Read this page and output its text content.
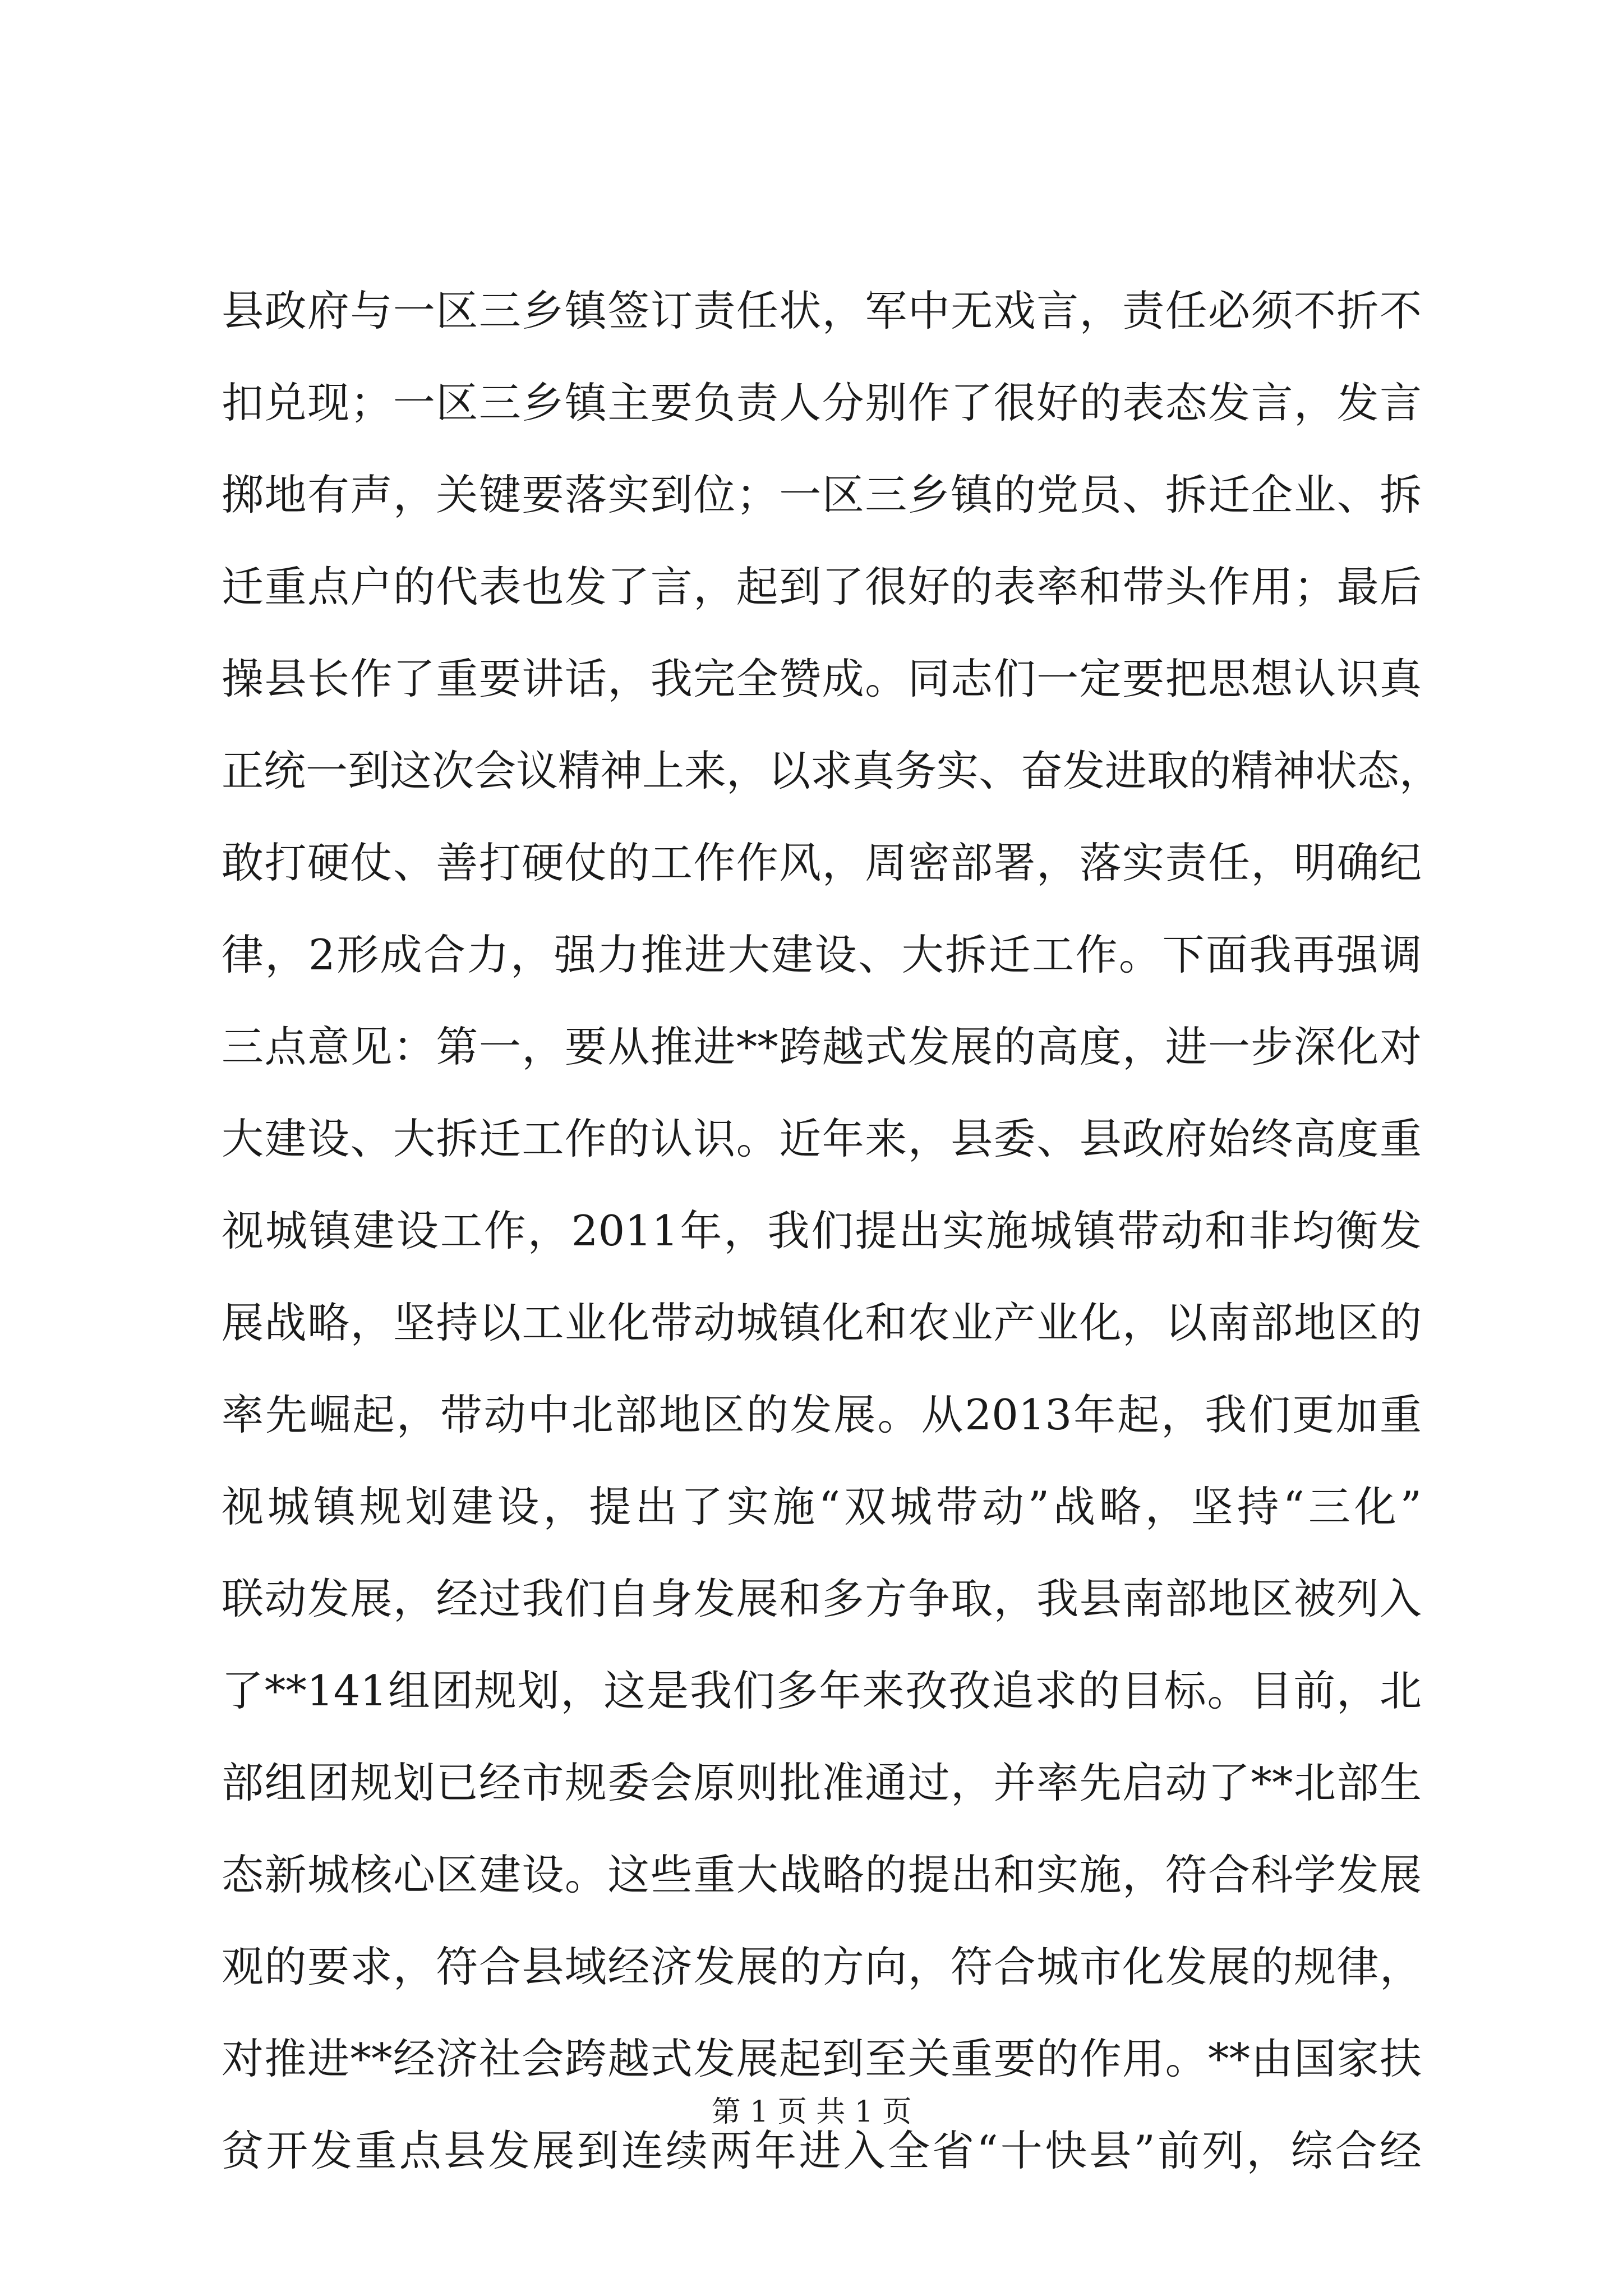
县政府与一区三乡镇签订责任状，军中无戏言，责任必须不折不
扣兑现；一区三乡镇主要负责人分别作了很好的表态发言，发言
掷地有声，关键要落实到位；一区三乡镇的党员、拆迁企业、拆
迁重点户的代表也发了言，起到了很好的表率和带头作用；最后
操县长作了重要讲话，我完全赞成。同志们一定要把思想认识真
正统一到这次会议精神上来，以求真务实、奋发进取的精神状态，
敢打硬仗、善打硬仗的工作作风，周密部署，落实责任，明确纪
律，2形成合力，强力推进大建设、大拆迁工作。下面我再强调
三点意见：第一，要从推进**跨越式发展的高度，进一步深化对
大建设、大拆迁工作的认识。近年来，县委、县政府始终高度重
视城镇建设工作，2011年，我们提出实施城镇带动和非均衡发
展战略，坚持以工业化带动城镇化和农业产业化，以南部地区的
率先崛起，带动中北部地区的发展。从2013年起，我们更加重
视城镇规划建设，提出了实施“双城带动”战略，坚持“三化”
联动发展，经过我们自身发展和多方争取，我县南部地区被列入
了**141组团规划，这是我们多年来孜孜追求的目标。目前，北
部组团规划已经市规委会原则批准通过，并率先启动了**北部生
态新城核心区建设。这些重大战略的提出和实施，符合科学发展
观的要求，符合县域经济发展的方向，符合城市化发展的规律，
对推进**经济社会跨越式发展起到至关重要的作用。**由国家扶
贫开发重点县发展到连续两年进入全省“十快县”前列，综合经
第 1 页 共 1 页
